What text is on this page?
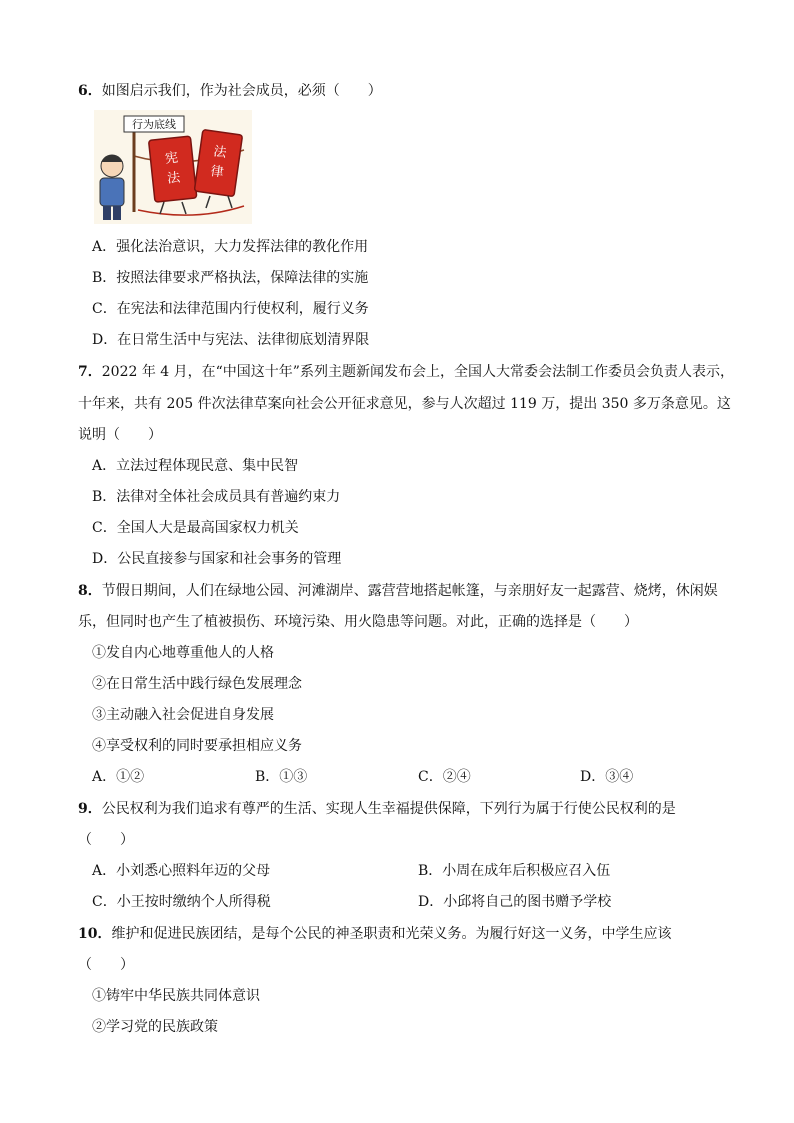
6．如图启示我们，作为社会成员，必须（　　）
行为底线
宪
法
法
律
A．强化法治意识，大力发挥法律的教化作用
B．按照法律要求严格执法，保障法律的实施
C．在宪法和法律范围内行使权利，履行义务
D．在日常生活中与宪法、法律彻底划清界限
7．2022 年 4 月，在“中国这十年”系列主题新闻发布会上，全国人大常委会法制工作委员会负责人表示，
十年来，共有 205 件次法律草案向社会公开征求意见，参与人次超过 119 万，提出 350 多万条意见。这
说明（　　）
A．立法过程体现民意、集中民智
B．法律对全体社会成员具有普遍约束力
C．全国人大是最高国家权力机关
D．公民直接参与国家和社会事务的管理
8．节假日期间，人们在绿地公园、河滩湖岸、露营营地搭起帐篷，与亲朋好友一起露营、烧烤，休闲娱
乐，但同时也产生了植被损伤、环境污染、用火隐患等问题。对此，正确的选择是（　　）
①发自内心地尊重他人的人格
②在日常生活中践行绿色发展理念
③主动融入社会促进自身发展
④享受权利的同时要承担相应义务
A．①②	B．①③	C．②④	D．③④
9．公民权利为我们追求有尊严的生活、实现人生幸福提供保障，下列行为属于行使公民权利的是
（　　）
A．小刘悉心照料年迈的父母	B．小周在成年后积极应召入伍
C．小王按时缴纳个人所得税	D．小邱将自己的图书赠予学校
10．维护和促进民族团结，是每个公民的神圣职责和光荣义务。为履行好这一义务，中学生应该
（　　）
①铸牢中华民族共同体意识
②学习党的民族政策
